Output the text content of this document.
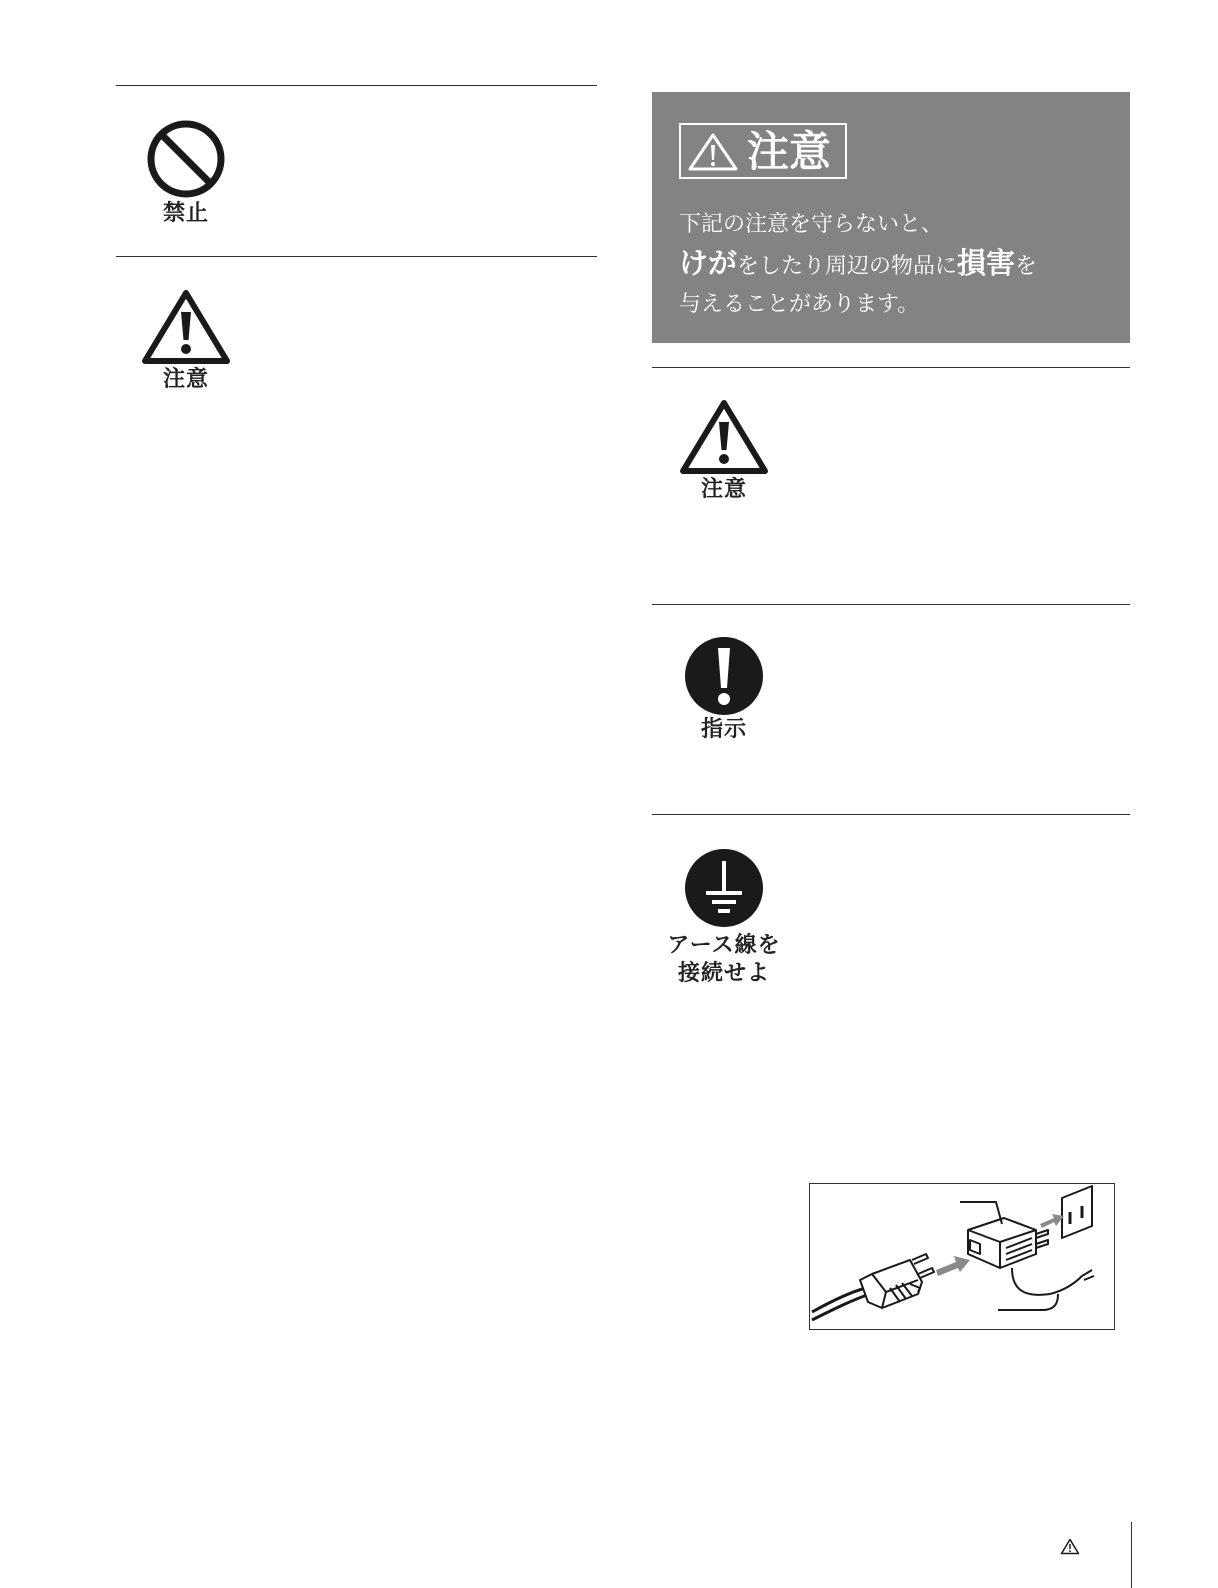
禁止
注意
注意
下記の注意を守らないと、
けがをしたり周辺の物品に損害を
与えることがあります。
注意
指示
アース線を
接続せよ
